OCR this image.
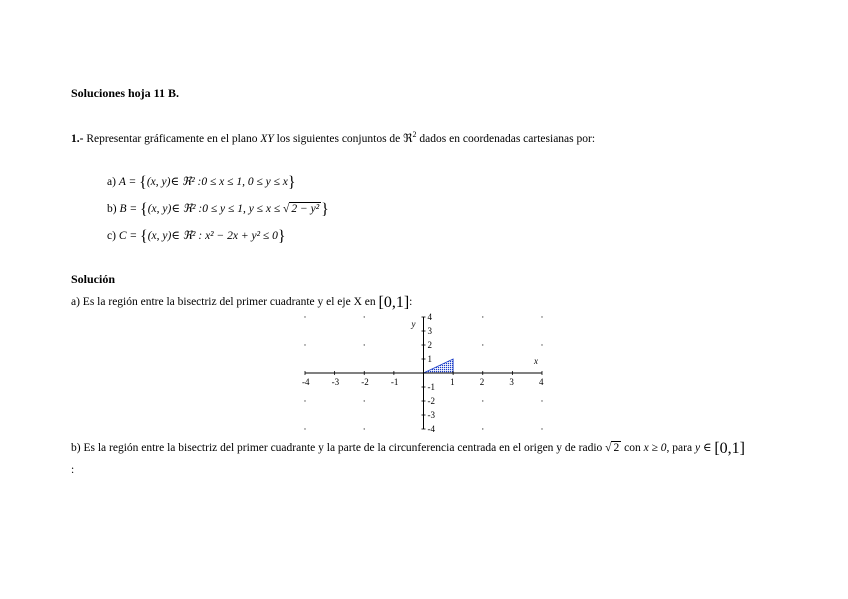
Soluciones hoja 11 B.
1.- Representar gráficamente en el plano XY los siguientes conjuntos de ℜ$^2$ dados en coordenadas cartesianas por:
a) A = {(x, y)∈ ℜ² :0 ≤ x ≤ 1, 0 ≤ y ≤ x}
b) B = {(x, y)∈ ℜ² :0 ≤ y ≤ 1, y ≤ x ≤ √ 2 − y² }
c) C = {(x, y)∈ ℜ² : x² − 2x + y² ≤ 0}
Solución
a) Es la región entre la bisectriz del primer cuadrante y el eje X en [0,1]:
-4 -3 -2 -1	1	2	3	4
4
3
2
1
-1
-2
-3
-4
x
y
b) Es la región entre la bisectriz del primer cuadrante y la parte de la circunferencia centrada en el origen y de radio √ 2 con x ≥ 0, para y ∈ [0,1]
:
